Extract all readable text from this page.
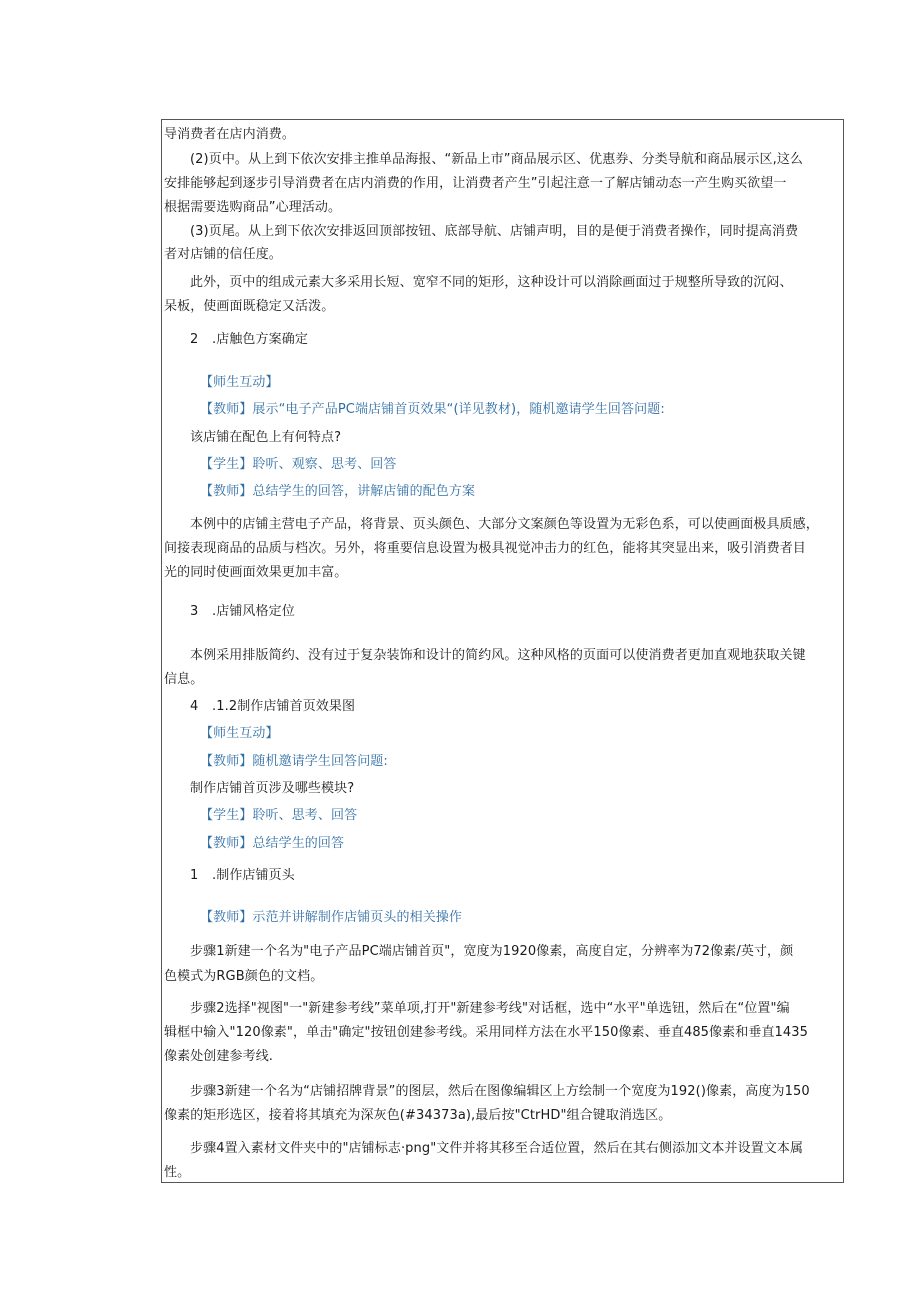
导消费者在店内消费。
(2)页中。从上到下依次安排主推单品海报、“新品上市”商品展示区、优惠券、分类导航和商品展示区,这么
安排能够起到逐步引导消费者在店内消费的作用，让消费者产生”引起注意一了解店铺动态一产生购买欲望一
根据需要选购商品”心理活动。
(3)页尾。从上到下依次安排返回顶部按钮、底部导航、店铺声明，目的是便于消费者操作，同时提高消费
者对店铺的信任度。
此外，页中的组成元素大多采用长短、宽窄不同的矩形，这种设计可以消除画面过于规整所导致的沉闷、
呆板，使画面既稳定又活泼。
2 .店触色方案确定
【师生互动】
【教师】展示“电子产品PC端店铺首页效果“(详见教材)，随机邀请学生回答问题:
该店铺在配色上有何特点?
【学生】聆听、观察、思考、回答
【教师】总结学生的回答，讲解店铺的配色方案
本例中的店铺主营电子产品，将背景、页头颜色、大部分文案颜色等设置为无彩色系，可以使画面极具质感，
间接表现商品的品质与档次。另外，将重要信息设置为极具视觉冲击力的红色，能将其突显出来，吸引消费者目
光的同时使画面效果更加丰富。
3 .店铺风格定位
本例采用排版简约、没有过于复杂装饰和设计的简约风。这种风格的页面可以使消费者更加直观地获取关键
信息。
4 .1.2制作店铺首页效果图
【师生互动】
【教师】随机邀请学生回答问题:
制作店铺首页涉及哪些模块?
【学生】聆听、思考、回答
【教师】总结学生的回答
1 .制作店铺页头
【教师】示范并讲解制作店铺页头的相关操作
步骤1新建一个名为"电子产品PC端店铺首页"，宽度为1920像素，高度自定，分辨率为72像素/英寸，颜
色模式为RGB颜色的文档。
步骤2选择"视图"一"新建参考线”菜单项,打开"新建参考线"对话框，选中“水平"单选钮，然后在“位置"编
辑框中输入"120像素"，单击"确定"按钮创建参考线。采用同样方法在水平150像素、垂直485像素和垂直1435
像素处创建参考线.
步骤3新建一个名为“店铺招牌背景”的图层，然后在图像编辑区上方绘制一个宽度为192()像素，高度为150
像素的矩形选区，接着将其填充为深灰色(#34373a),最后按"CtrHD"组合键取消选区。
步骤4置入素材文件夹中的"店铺标志·png"文件并将其移至合适位置，然后在其右侧添加文本并设置文本属
性。
